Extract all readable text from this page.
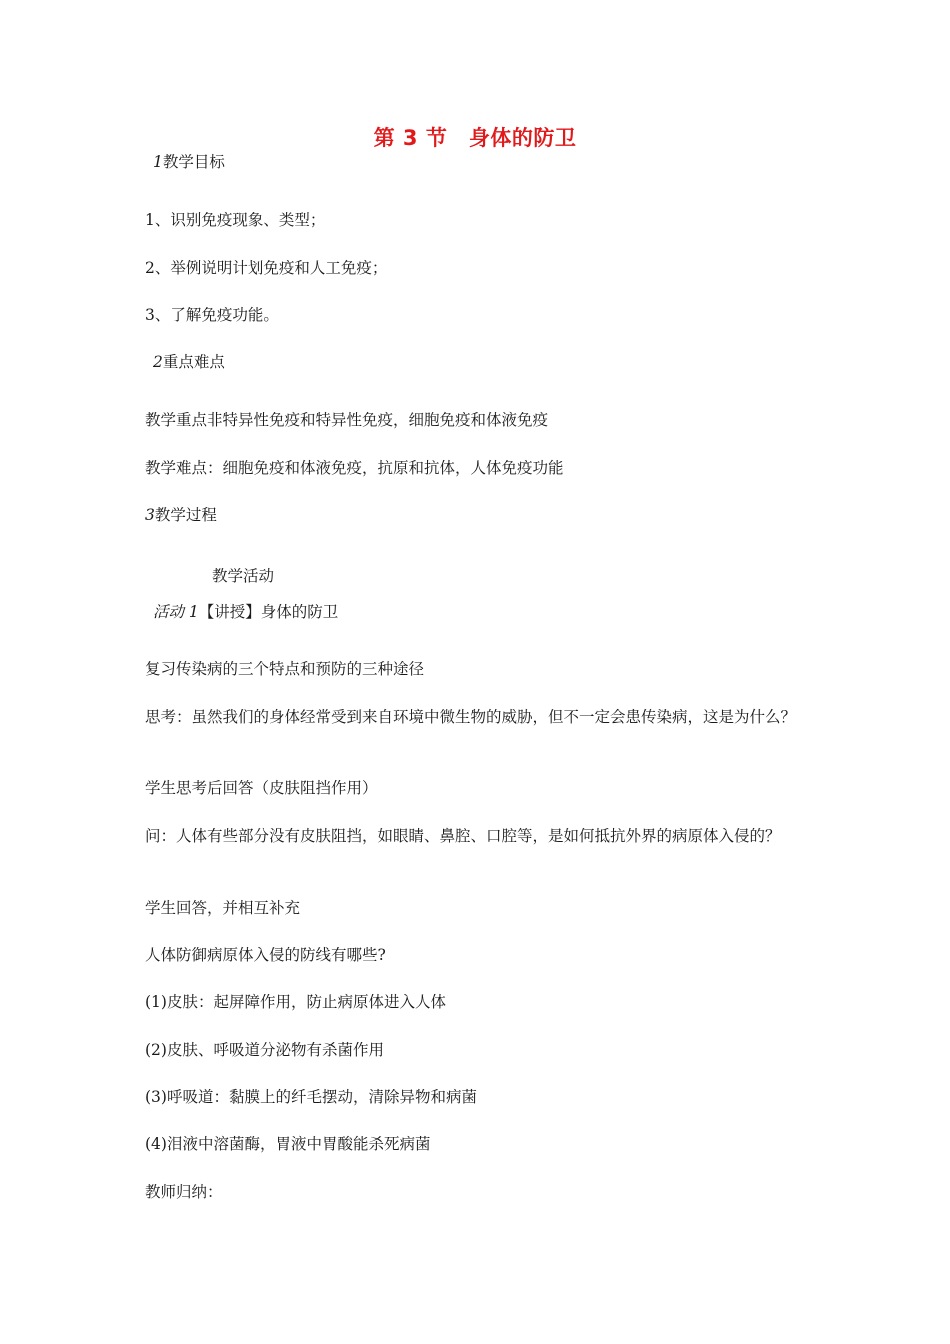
第 3 节　身体的防卫
1教学目标
1、识别免疫现象、类型；
2、举例说明计划免疫和人工免疫；
3、了解免疫功能。
2重点难点
教学重点非特异性免疫和特异性免疫，细胞免疫和体液免疫
教学难点：细胞免疫和体液免疫，抗原和抗体，人体免疫功能
3教学过程
教学活动
活动 1【讲授】身体的防卫
复习传染病的三个特点和预防的三种途径
思考：虽然我们的身体经常受到来自环境中微生物的威胁，但不一定会患传染病，这是为什么？
学生思考后回答（皮肤阻挡作用）
问：人体有些部分没有皮肤阻挡，如眼睛、鼻腔、口腔等，是如何抵抗外界的病原体入侵的？
学生回答，并相互补充
人体防御病原体入侵的防线有哪些?
(1)皮肤：起屏障作用，防止病原体进入人体
(2)皮肤、呼吸道分泌物有杀菌作用
(3)呼吸道：黏膜上的纤毛摆动，清除异物和病菌
(4)泪液中溶菌酶，胃液中胃酸能杀死病菌
教师归纳：
